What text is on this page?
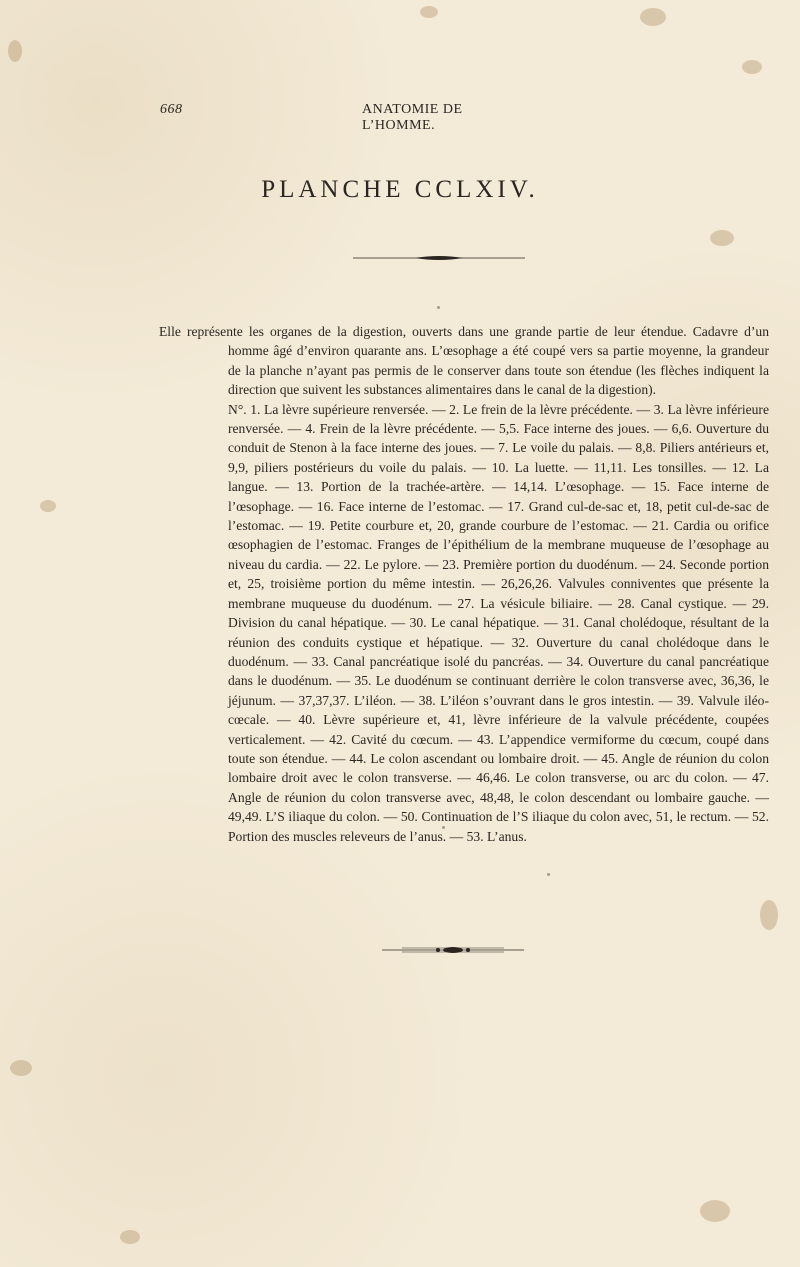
668	ANATOMIE DE L’HOMME.
PLANCHE CCLXIV.

Elle représente les organes de la digestion, ouverts dans une grande partie de leur étendue. Cadavre d’un homme âgé d’environ quarante ans. L’œsophage a été coupé vers sa partie moyenne, la grandeur de la planche n’ayant pas permis de le conserver dans toute son étendue (les flèches indiquent la direction que suivent les substances alimentaires dans le canal de la digestion).

N°. 1. La lèvre supérieure renversée. — 2. Le frein de la lèvre précédente. — 3. La lèvre inférieure renversée. — 4. Frein de la lèvre précédente. — 5,5. Face interne des joues. — 6,6. Ouverture du conduit de Stenon à la face interne des joues. — 7. Le voile du palais. — 8,8. Piliers antérieurs et, 9,9, piliers postérieurs du voile du palais. — 10. La luette. — 11,11. Les tonsilles. — 12. La langue. — 13. Portion de la trachée-artère. — 14,14. L’œsophage. — 15. Face interne de l’œsophage. — 16. Face interne de l’estomac. — 17. Grand cul-de-sac et, 18, petit cul-de-sac de l’estomac. — 19. Petite courbure et, 20, grande courbure de l’estomac. — 21. Cardia ou orifice œsophagien de l’estomac. Franges de l’épithélium de la membrane muqueuse de l’œsophage au niveau du cardia. — 22. Le pylore. — 23. Première portion du duodénum. — 24. Seconde portion et, 25, troisième portion du même intestin. — 26,26,26. Valvules conniventes que présente la membrane muqueuse du duodénum. — 27. La vésicule biliaire. — 28. Canal cystique. — 29. Division du canal hépatique. — 30. Le canal hépatique. — 31. Canal cholédoque, résultant de la réunion des conduits cystique et hépatique. — 32. Ouverture du canal cholédoque dans le duodénum. — 33. Canal pancréatique isolé du pancréas. — 34. Ouverture du canal pancréatique dans le duodénum. — 35. Le duodénum se continuant derrière le colon transverse avec, 36,36, le jéjunum. — 37,37,37. L’iléon. — 38. L’iléon s’ouvrant dans le gros intestin. — 39. Valvule iléo-cœcale. — 40. Lèvre supérieure et, 41, lèvre inférieure de la valvule précédente, coupées verticalement. — 42. Cavité du cœcum. — 43. L’appendice vermiforme du cœcum, coupé dans toute son étendue. — 44. Le colon ascendant ou lombaire droit. — 45. Angle de réunion du colon lombaire droit avec le colon transverse. — 46,46. Le colon transverse, ou arc du colon. — 47. Angle de réunion du colon transverse avec, 48,48, le colon descendant ou lombaire gauche. — 49,49. L’S iliaque du colon. — 50. Continuation de l’S iliaque du colon avec, 51, le rectum. — 52. Portion des muscles releveurs de l’anus. — 53. L’anus.
